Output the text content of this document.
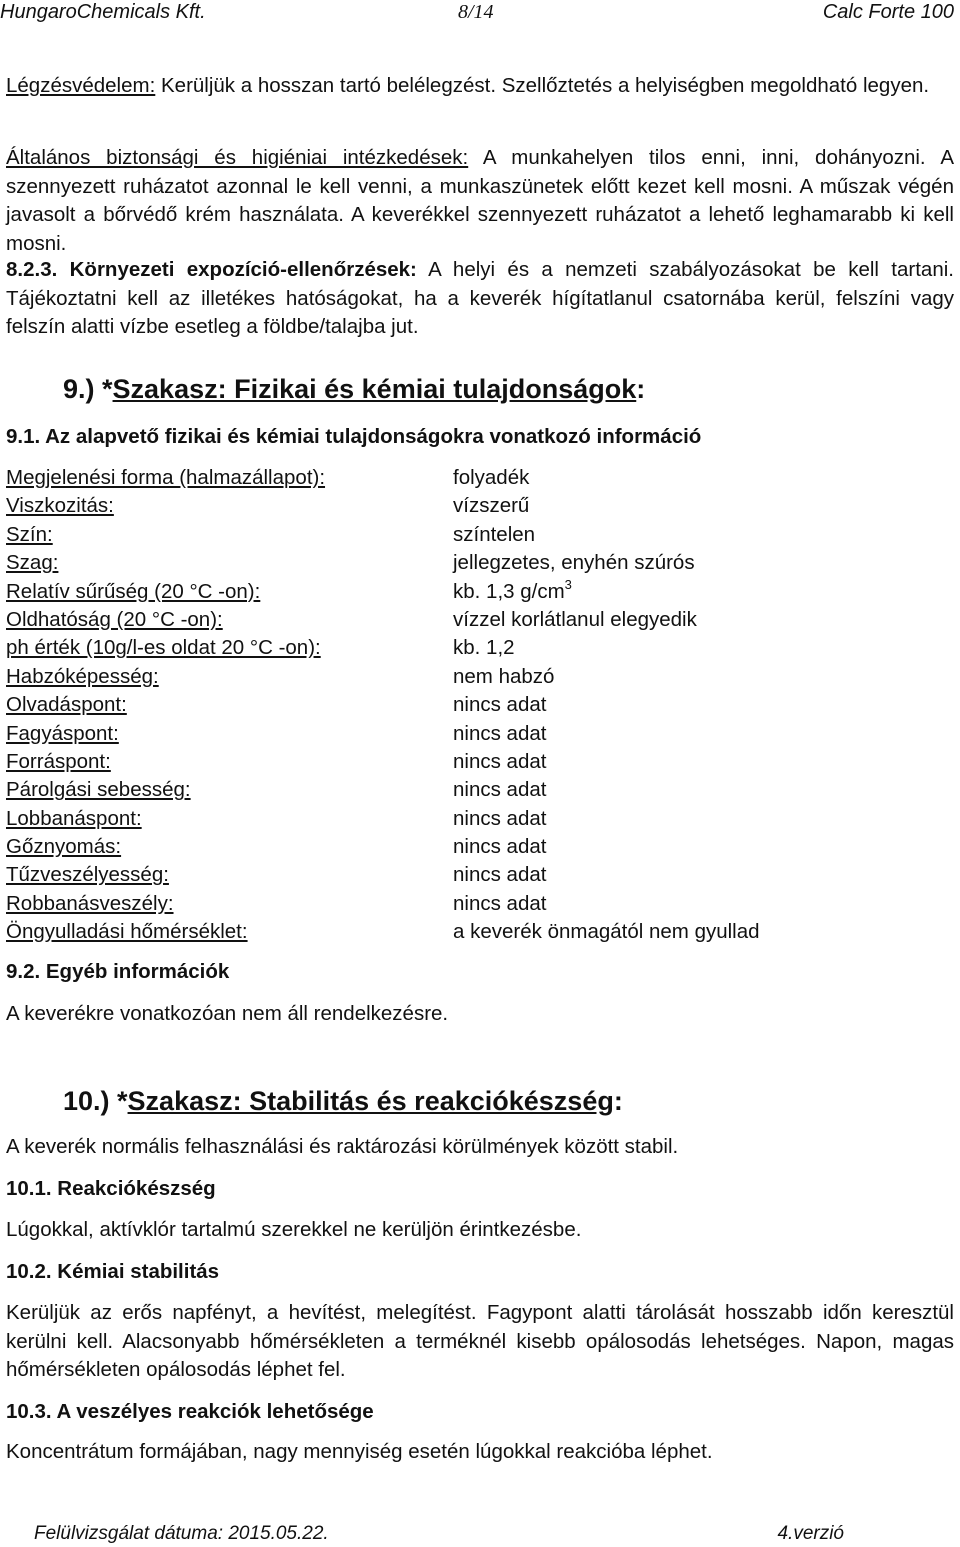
HungaroChemicals Kft.	8/14	Calc Forte 100

Légzésvédelem: Kerüljük a hosszan tartó belélegzést. Szellőztetés a helyiségben megoldható legyen.

Általános biztonsági és higiéniai intézkedések: A munkahelyen tilos enni, inni, dohányozni. A szennyezett ruházatot azonnal le kell venni, a munkaszünetek előtt kezet kell mosni. A műszak végén javasolt a bőrvédő krém használata. A keverékkel szennyezett ruházatot a lehető leghamarabb ki kell mosni.

8.2.3. Környezeti expozíció-ellenőrzések: A helyi és a nemzeti szabályozásokat be kell tartani. Tájékoztatni kell az illetékes hatóságokat, ha a keverék hígítatlanul csatornába kerül, felszíni vagy felszín alatti vízbe esetleg a földbe/talajba jut.

9.) *Szakasz: Fizikai és kémiai tulajdonságok:
9.1. Az alapvető fizikai és kémiai tulajdonságokra vonatkozó információ
Megjelenési forma (halmazállapot):	folyadék
Viszkozitás:	vízszerű
Szín:	színtelen
Szag:	jellegzetes, enyhén szúrós
Relatív sűrűség (20 °C -on):	kb. 1,3 $g/cm^3$
Oldhatóság (20 °C -on):	vízzel korlátlanul elegyedik
ph érték (10g/l-es oldat 20 °C -on):	kb. 1,2
Habzóképesség:	nem habzó
Olvadáspont:	nincs adat
Fagyáspont:	nincs adat
Forráspont:	nincs adat
Párolgási sebesség:	nincs adat
Lobbanáspont:	nincs adat
Gőznyomás:	nincs adat
Tűzveszélyesség:	nincs adat
Robbanásveszély:	nincs adat
Öngyulladási hőmérséklet:	a keverék önmagától nem gyullad
9.2. Egyéb információk

A keverékre vonatkozóan nem áll rendelkezésre.

10.) *Szakasz: Stabilitás és reakciókészség:

A keverék normális felhasználási és raktározási körülmények között stabil.

10.1. Reakciókészség

Lúgokkal, aktívklór tartalmú szerekkel ne kerüljön érintkezésbe.

10.2. Kémiai stabilitás

Kerüljük az erős napfényt, a hevítést, melegítést. Fagypont alatti tárolását hosszabb időn keresztül kerülni kell. Alacsonyabb hőmérsékleten a terméknél kisebb opálosodás lehetséges. Napon, magas hőmérsékleten opálosodás léphet fel.

10.3. A veszélyes reakciók lehetősége

Koncentrátum formájában, nagy mennyiség esetén lúgokkal reakcióba léphet.

Felülvizsgálat dátuma: 2015.05.22.	4.verzió
